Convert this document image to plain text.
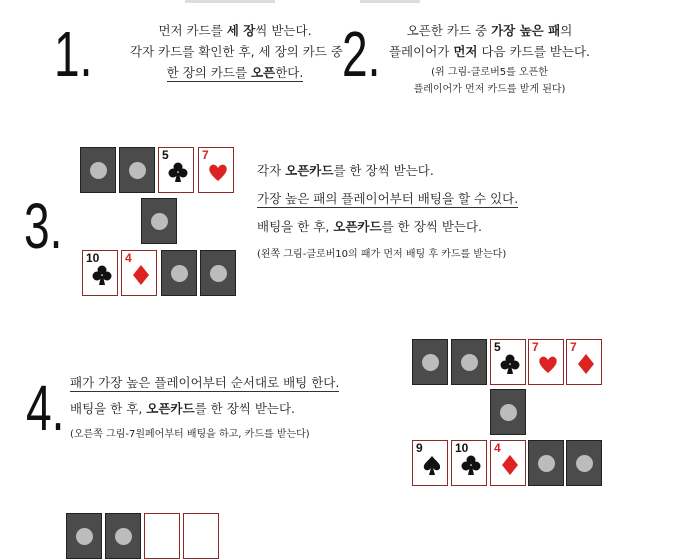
1.	먼저 카드를 세 장씩 받는다.
각자 카드를 확인한 후, 세 장의 카드 중
한 장의 카드를 오픈한다. 2.	오픈한 카드 중 가장 높은 패의
플레이어가 먼저 다음 카드를 받는다.
(위 그림-클로버5를 오픈한
플레이어가 먼저 카드를 받게 된다)
5	7
10 4
3.
각자 오픈카드를 한 장씩 받는다.
가장 높은 패의 플레이어부터 배팅을 할 수 있다.
배팅을 한 후, 오픈카드를 한 장씩 받는다.
(왼쪽 그림-클로버10의 패가 먼저 배팅 후 카드를 받는다)
4. 패가 가장 높은 플레이어부터 순서대로 배팅 한다.
배팅을 한 후, 오픈카드를 한 장씩 받는다.
(오른쪽 그림-7원페어부터 배팅을 하고, 카드를 받는다)
5	7	7
9	10 4
